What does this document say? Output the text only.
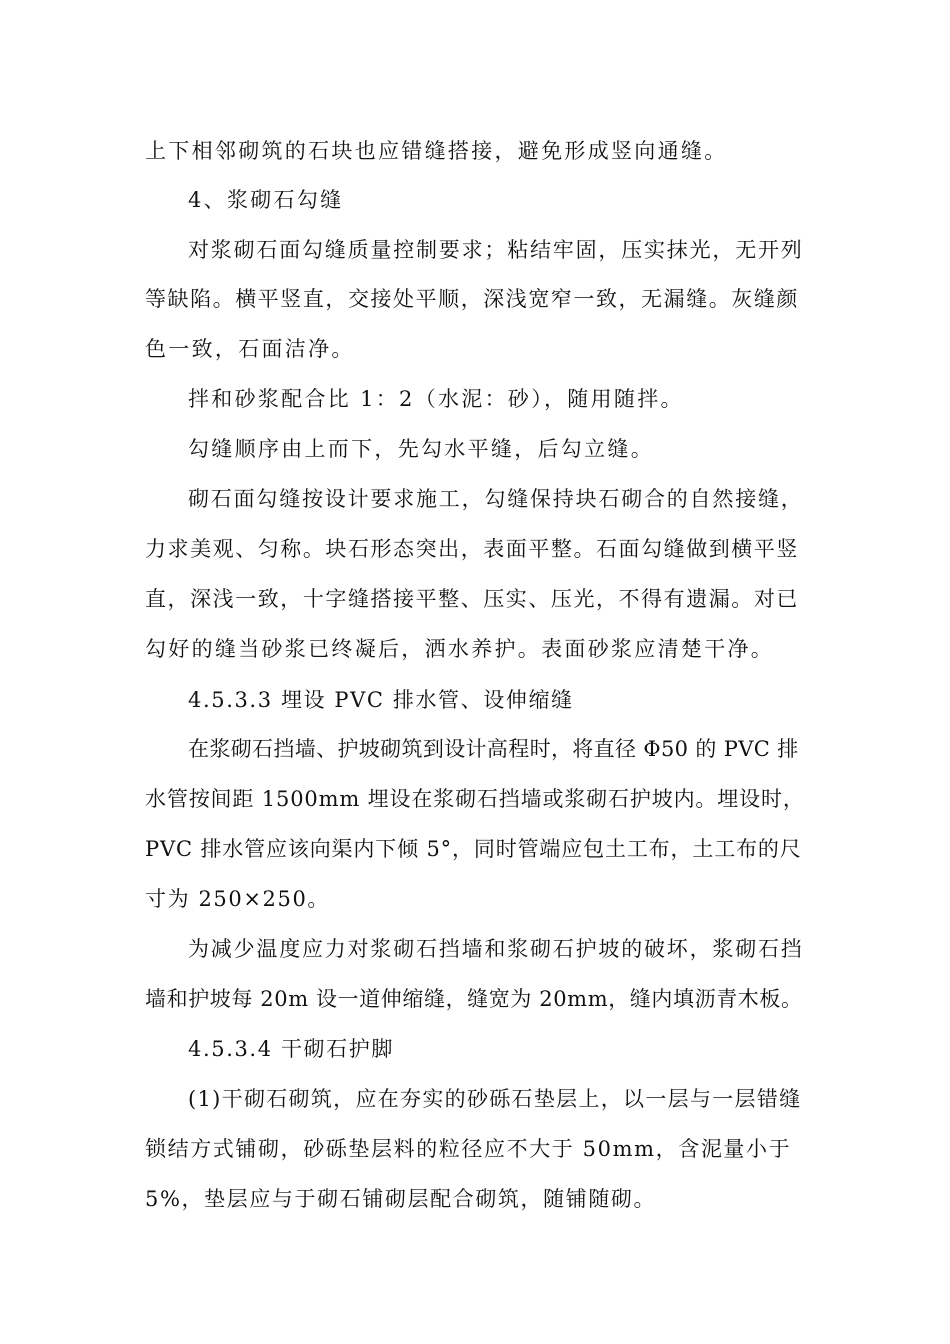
上下相邻砌筑的石块也应错缝搭接，避免形成竖向通缝。
4、浆砌石勾缝
对浆砌石面勾缝质量控制要求；粘结牢固，压实抹光，无开列
等缺陷。横平竖直，交接处平顺，深浅宽窄一致，无漏缝。灰缝颜
色一致，石面洁净。
拌和砂浆配合比 1：2（水泥：砂），随用随拌。
勾缝顺序由上而下，先勾水平缝，后勾立缝。
砌石面勾缝按设计要求施工，勾缝保持块石砌合的自然接缝，
力求美观、匀称。块石形态突出，表面平整。石面勾缝做到横平竖
直，深浅一致，十字缝搭接平整、压实、压光，不得有遗漏。对已
勾好的缝当砂浆已终凝后，洒水养护。表面砂浆应清楚干净。
4.5.3.3 埋设 PVC 排水管、设伸缩缝
在浆砌石挡墙、护坡砌筑到设计高程时，将直径 Φ50 的 PVC 排
水管按间距 1500mm 埋设在浆砌石挡墙或浆砌石护坡内。埋设时，
PVC 排水管应该向渠内下倾 5°，同时管端应包土工布，土工布的尺
寸为 250×250。
为减少温度应力对浆砌石挡墙和浆砌石护坡的破坏，浆砌石挡
墙和护坡每 20m 设一道伸缩缝，缝宽为 20mm，缝内填沥青木板。
4.5.3.4 干砌石护脚
(1)干砌石砌筑，应在夯实的砂砾石垫层上，以一层与一层错缝
锁结方式铺砌，砂砾垫层料的粒径应不大于 50mm，含泥量小于
5%，垫层应与于砌石铺砌层配合砌筑，随铺随砌。
